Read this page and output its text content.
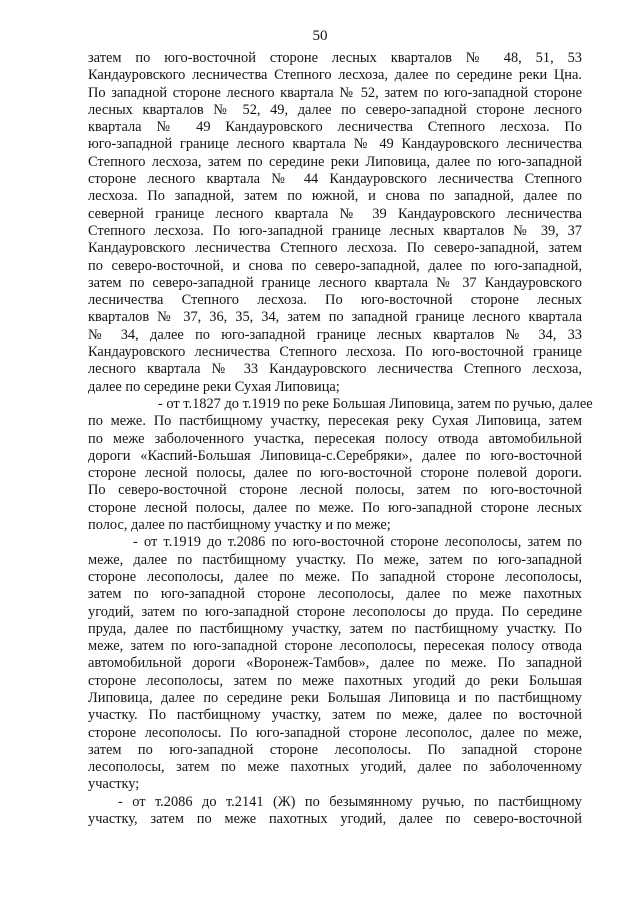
50
затем по юго-восточной стороне лесных кварталов № 48, 51, 53
Кандауровского лесничества Степного лесхоза, далее по середине реки Цна.
По западной стороне лесного квартала № 52, затем по юго-западной стороне
лесных кварталов № 52, 49, далее по северо-западной стороне лесного
квартала № 49 Кандауровского лесничества Степного лесхоза. По
юго-западной границе лесного квартала № 49 Кандауровского лесничества
Степного лесхоза, затем по середине реки Липовица, далее по юго-западной
стороне лесного квартала № 44 Кандауровского лесничества Степного
лесхоза. По западной, затем по южной, и снова по западной, далее по
северной границе лесного квартала № 39 Кандауровского лесничества
Степного лесхоза. По юго-западной границе лесных кварталов № 39, 37
Кандауровского лесничества Степного лесхоза. По северо-западной, затем
по северо-восточной, и снова по северо-западной, далее по юго-западной,
затем по северо-западной границе лесного квартала № 37 Кандауровского
лесничества Степного лесхоза. По юго-восточной стороне лесных
кварталов № 37, 36, 35, 34, затем по западной границе лесного квартала
№ 34, далее по юго-западной границе лесных кварталов № 34, 33
Кандауровского лесничества Степного лесхоза. По юго-восточной границе
лесного квартала № 33 Кандауровского лесничества Степного лесхоза,
далее по середине реки Сухая Липовица;
- от т.1827 до т.1919 по реке Большая Липовица, затем по ручью, далее
по меже. По пастбищному участку, пересекая реку Сухая Липовица, затем
по меже заболоченного участка, пересекая полосу отвода автомобильной
дороги «Каспий-Большая Липовица-с.Серебряки», далее по юго-восточной
стороне лесной полосы, далее по юго-восточной стороне полевой дороги.
По северо-восточной стороне лесной полосы, затем по юго-восточной
стороне лесной полосы, далее по меже. По юго-западной стороне лесных
полос, далее по пастбищному участку и по меже;
- от т.1919 до т.2086 по юго-восточной стороне лесополосы, затем по
меже, далее по пастбищному участку. По меже, затем по юго-западной
стороне лесополосы, далее по меже. По западной стороне лесополосы,
затем по юго-западной стороне лесополосы, далее по меже пахотных
угодий, затем по юго-западной стороне лесополосы до пруда. По середине
пруда, далее по пастбищному участку, затем по пастбищному участку. По
меже, затем по юго-западной стороне лесополосы, пересекая полосу отвода
автомобильной дороги «Воронеж-Тамбов», далее по меже. По западной
стороне лесополосы, затем по меже пахотных угодий до реки Большая
Липовица, далее по середине реки Большая Липовица и по пастбищному
участку. По пастбищному участку, затем по меже, далее по восточной
стороне лесополосы. По юго-западной стороне лесополос, далее по меже,
затем по юго-западной стороне лесополосы. По западной стороне
лесополосы, затем по меже пахотных угодий, далее по заболоченному
участку;
- от т.2086 до т.2141 (Ж) по безымянному ручью, по пастбищному
участку, затем по меже пахотных угодий, далее по северо-восточной
